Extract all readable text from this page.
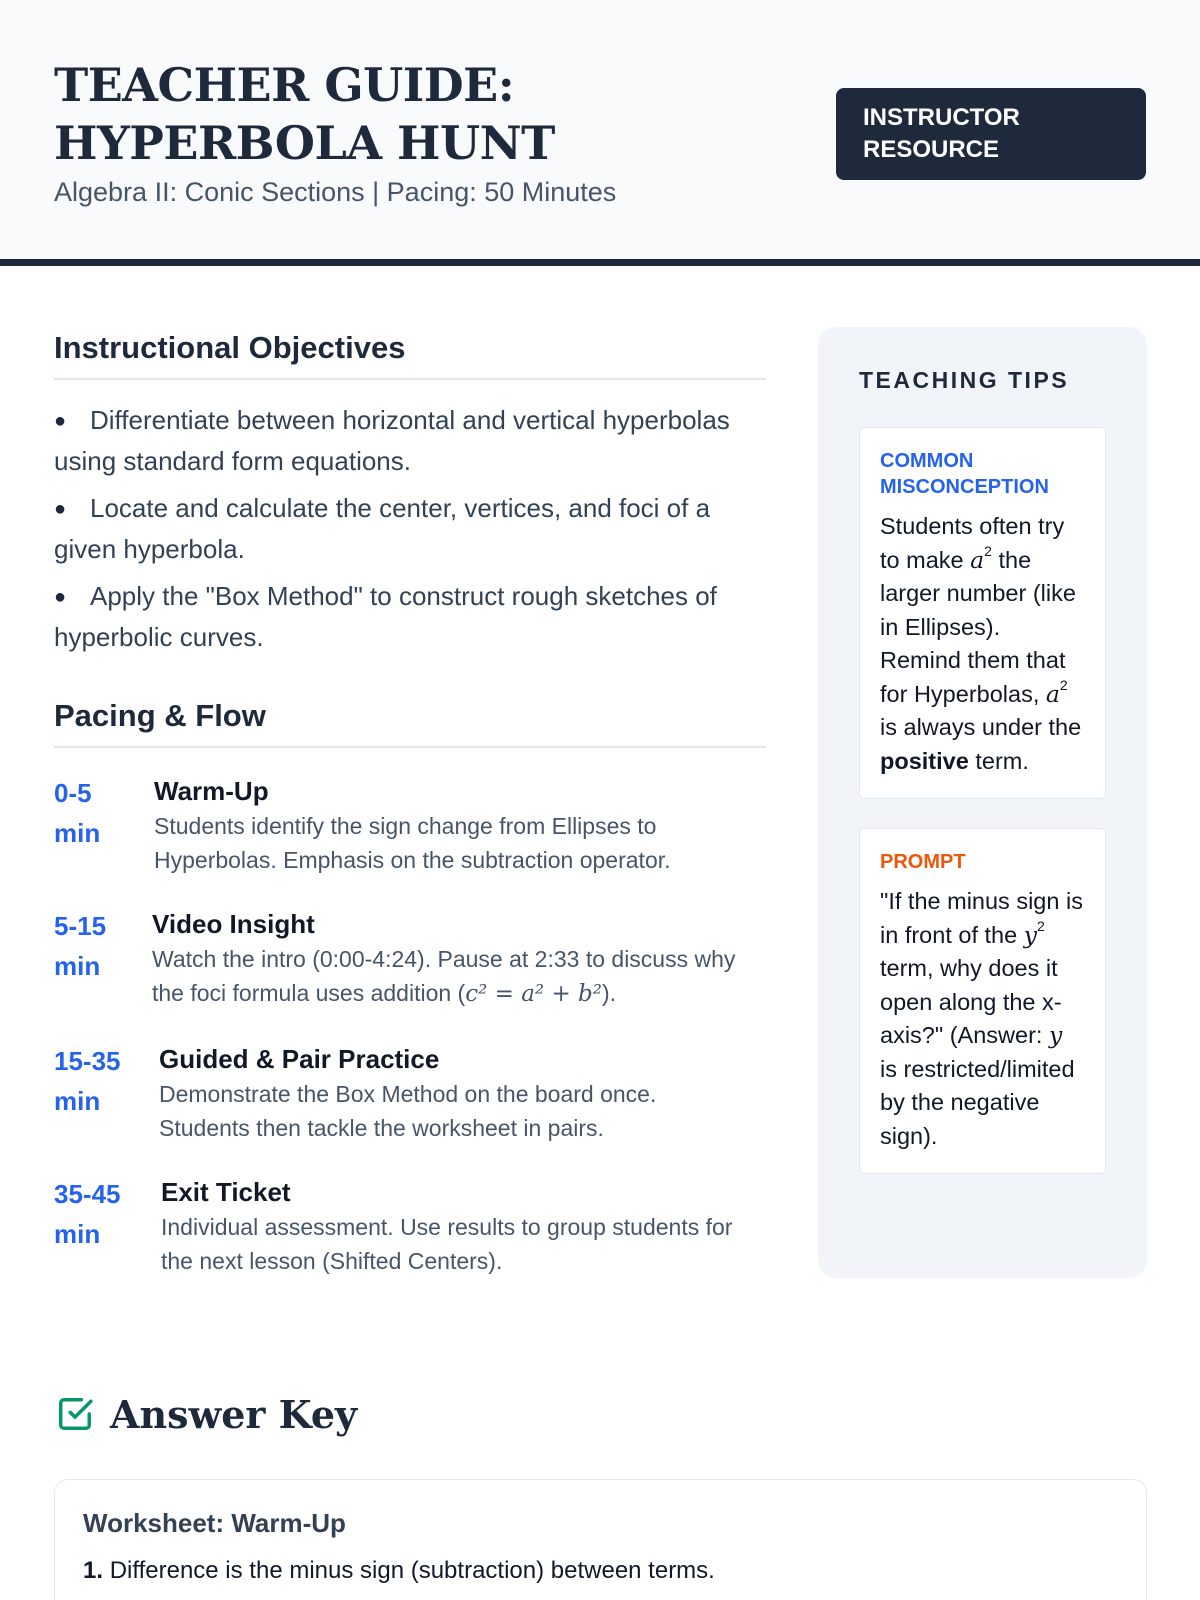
TEACHER GUIDE: HYPERBOLA HUNT
Algebra II: Conic Sections | Pacing: 50 Minutes
INSTRUCTOR RESOURCE
Instructional Objectives
● Differentiate between horizontal and vertical hyperbolas using standard form equations.
● Locate and calculate the center, vertices, and foci of a given hyperbola.
● Apply the "Box Method" to construct rough sketches of hyperbolic curves.
Pacing & Flow
0-5
min
Warm-Up
Students identify the sign change from Ellipses to Hyperbolas. Emphasis on the subtraction operator.
5-15
min
Video Insight
Watch the intro (0:00-4:24). Pause at 2:33 to discuss why the foci formula uses addition (c² = a² + b²).
15-35
min
Guided & Pair Practice
Demonstrate the Box Method on the board once. Students then tackle the worksheet in pairs.
35-45
min
Exit Ticket
Individual assessment. Use results to group students for the next lesson (Shifted Centers).
TEACHING TIPS
COMMON MISCONCEPTION
Students often try to make $a^2$ the larger number (like in Ellipses). Remind them that for Hyperbolas, $a^2$ is always under the positive term.
PROMPT
"If the minus sign is in front of the $y^2$ term, why does it open along the x-axis?" (Answer: y is restricted/limited by the negative sign).
Answer Key
Worksheet: Warm-Up
1. Difference is the minus sign (subtraction) between terms.
